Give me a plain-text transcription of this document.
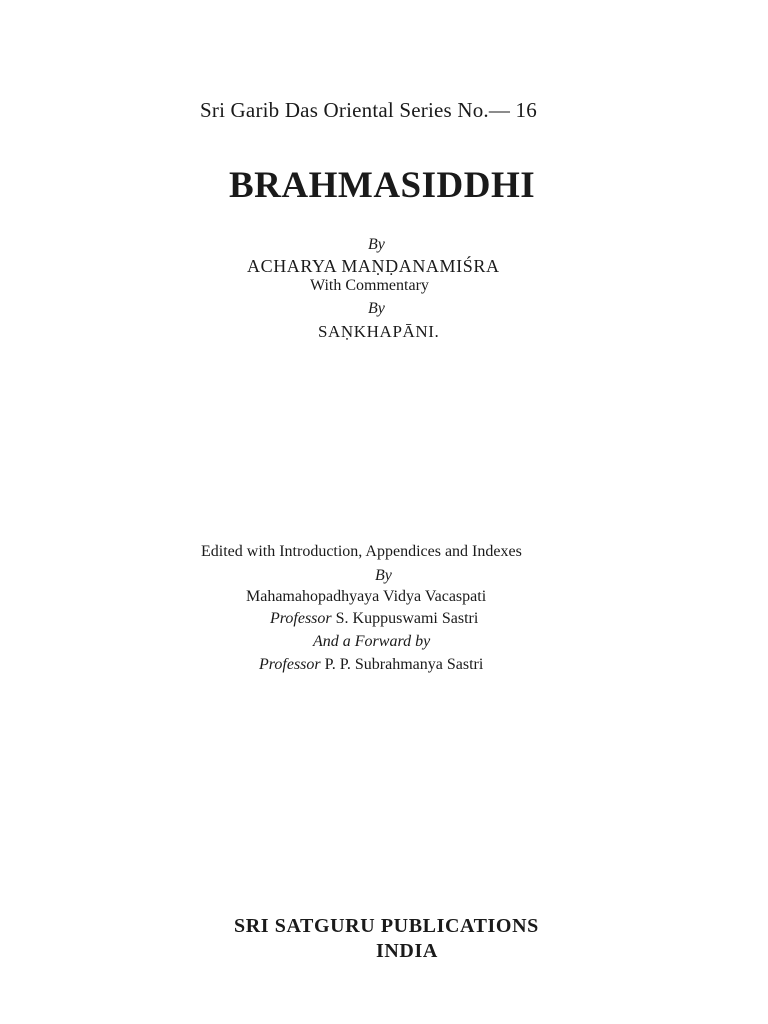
Sri Garib Das Oriental Series No.— 16
BRAHMASIDDHI
By
ACHARYA MAṆḌANAMIŚRA
With Commentary
By
SAṆKHAPĀNI.
Edited with Introduction, Appendices and Indexes
By
Mahamahopadhyaya Vidya Vacaspati
Professor S. Kuppuswami Sastri
And a Forward by
Professor P. P. Subrahmanya Sastri
SRI SATGURU PUBLICATIONS
INDIA
